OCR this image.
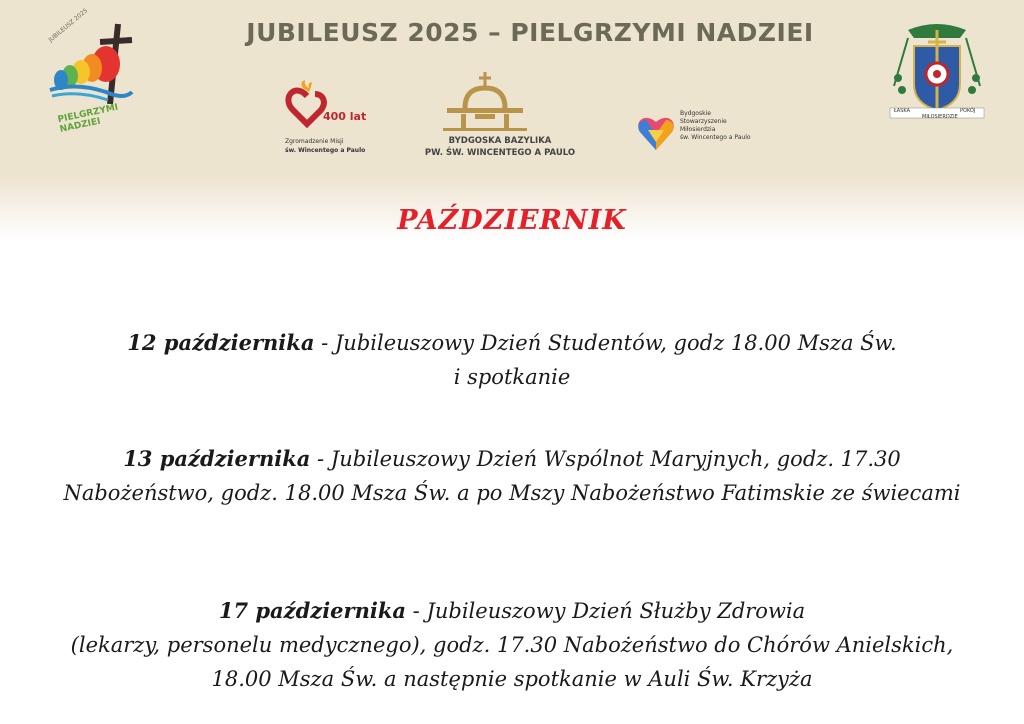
JUBILEUSZ 2025
PIELGRZYMI NADZIEI
JUBILEUSZ 2025 – PIELGRZYMI NADZIEI
ŁASKA
MIŁOSIERDZIE
POKÓJ
400 lat
Zgromadzenie Misji
św. Wincentego a Paulo
BYDGOSKA BAZYLIKA
PW. ŚW. WINCENTEGO A PAULO
Bydgoskie
Stowarzyszenie
Miłosierdzia
św. Wincentego a Paulo
PAŹDZIERNIK
12 października - Jubileuszowy Dzień Studentów, godz 18.00 Msza Św.
i spotkanie
13 października - Jubileuszowy Dzień Wspólnot Maryjnych, godz. 17.30
Nabożeństwo, godz. 18.00 Msza Św. a po Mszy Nabożeństwo Fatimskie ze świecami
17 października - Jubileuszowy Dzień Służby Zdrowia
(lekarzy, personelu medycznego), godz. 17.30 Nabożeństwo do Chórów Anielskich,
18.00 Msza Św. a następnie spotkanie w Auli Św. Krzyża
